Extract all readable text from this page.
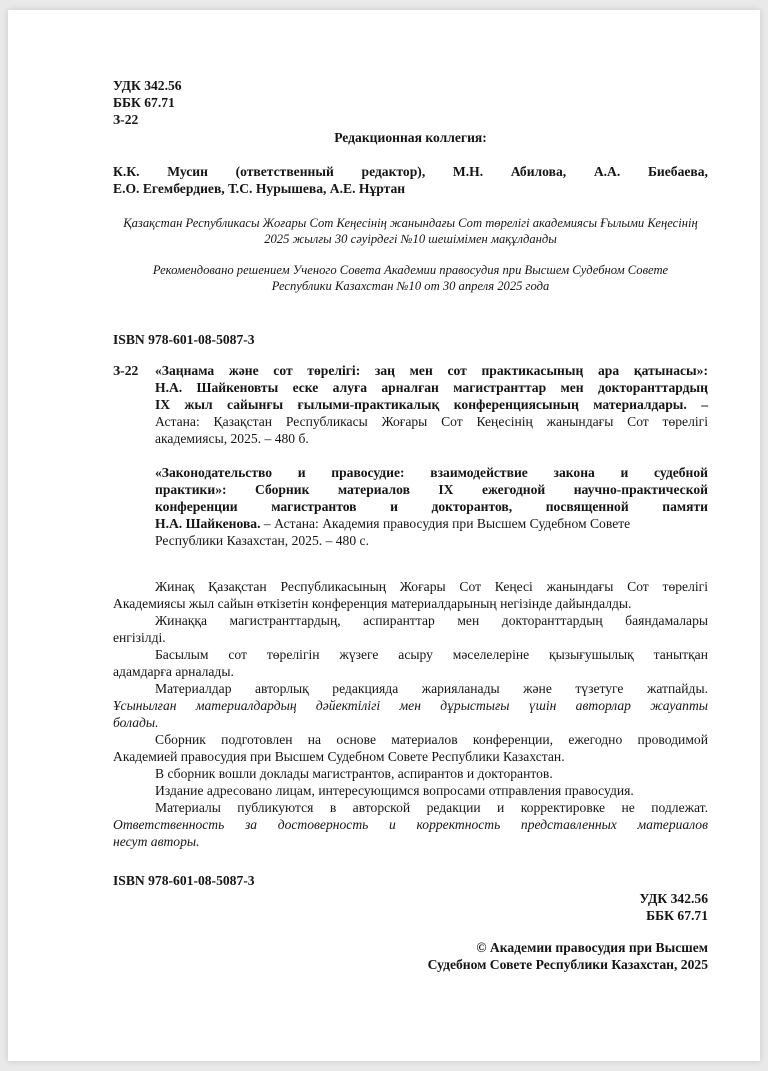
УДК 342.56
ББК 67.71
З-22
Редакционная коллегия:
К.К. Мусин (ответственный редактор), М.Н. Абилова, А.А. Биебаева,
Е.О. Егембердиев, Т.С. Нурышева, А.Е. Нұртан
Қазақстан Республикасы Жоғары Сот Кеңесінің жанындағы Сот төрелігі академиясы Ғылыми Кеңесінің
2025 жылғы 30 сәуірдегі №10 шешімімен мақұлданды
Рекомендовано решением Ученого Совета Академии правосудия при Высшем Судебном Совете
Республики Казахстан №10 от 30 апреля 2025 года
ISBN 978-601-08-5087-3
З-22 «Заңнама және сот төрелігі: заң мен сот практикасының ара қатынасы»:
Н.А. Шайкеновты еске алуға арналған магистранттар мен докторанттардың
IX жыл сайынғы ғылыми-практикалық конференциясының материалдары. –
Астана: Қазақстан Республикасы Жоғары Сот Кеңесінің жанындағы Сот төрелігі
академиясы, 2025. – 480 б.
«Законодательство и правосудие: взаимодействие закона и судебной
практики»: Сборник материалов IX ежегодной научно-практической
конференции магистрантов и докторантов, посвященной памяти
Н.А. Шайкенова. – Астана: Академия правосудия при Высшем Судебном Совете
Республики Казахстан, 2025. – 480 с.
Жинақ Қазақстан Республикасының Жоғары Сот Кеңесі жанындағы Сот төрелігі
Академиясы жыл сайын өткізетін конференция материалдарының негізінде дайындалды.
Жинаққа магистранттардың, аспиранттар мен докторанттардың баяндамалары
енгізілді.
Басылым сот төрелігін жүзеге асыру мәселелеріне қызығушылық танытқан
адамдарға арналады.
Материалдар авторлық редакцияда жарияланады және түзетуге жатпайды.
Ұсынылған материалдардың дәйектілігі мен дұрыстығы үшін авторлар жауапты
болады.
Сборник подготовлен на основе материалов конференции, ежегодно проводимой
Академией правосудия при Высшем Судебном Совете Республики Казахстан.
В сборник вошли доклады магистрантов, аспирантов и докторантов.
Издание адресовано лицам, интересующимся вопросами отправления правосудия.
Материалы публикуются в авторской редакции и корректировке не подлежат.
Ответственность за достоверность и корректность представленных материалов
несут авторы.
ISBN 978-601-08-5087-3
УДК 342.56
ББК 67.71
© Академии правосудия при Высшем
Судебном Совете Республики Казахстан, 2025
